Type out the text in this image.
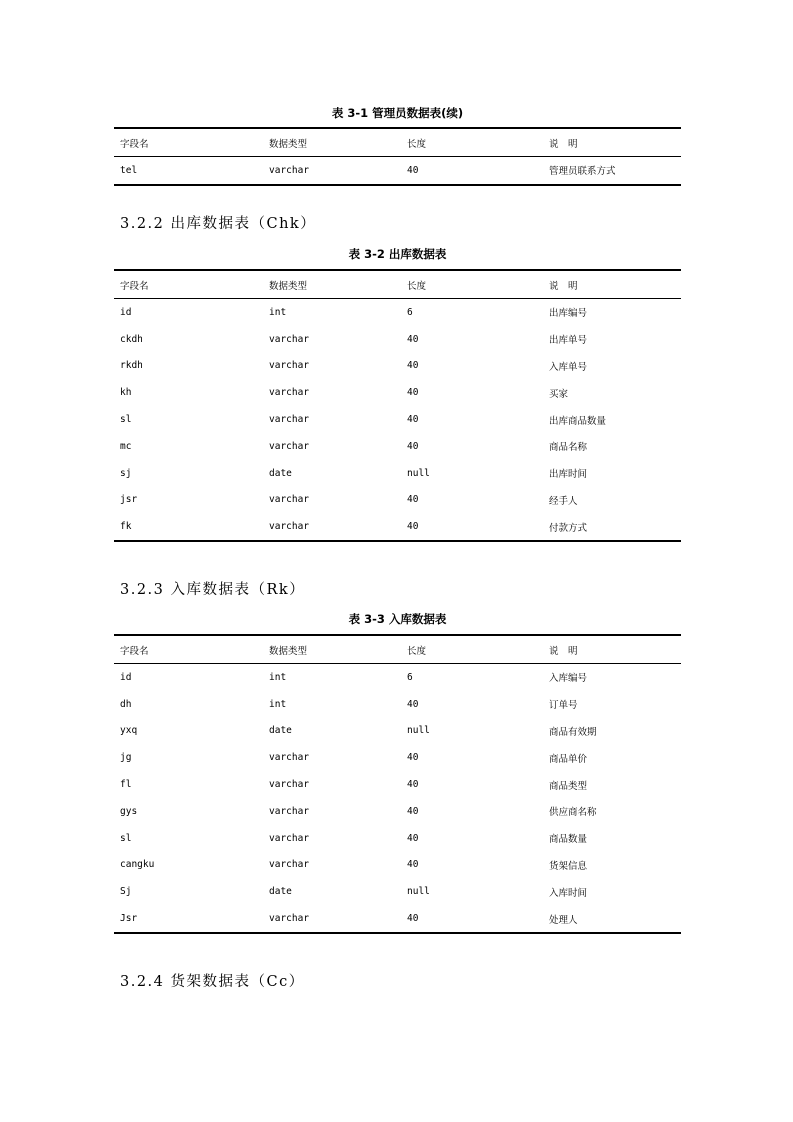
表 3-1 管理员数据表(续)
字段名	数据类型	长度	说　明
tel	varchar	40	管理员联系方式
3.2.2 出库数据表（Chk）
表 3-2 出库数据表
字段名	数据类型	长度	说　明
id	int	6	出库编号
ckdh	varchar	40	出库单号
rkdh	varchar	40	入库单号
kh	varchar	40	买家
sl	varchar	40	出库商品数量
mc	varchar	40	商品名称
sj	date	null	出库时间
jsr	varchar	40	经手人
fk	varchar	40	付款方式
3.2.3 入库数据表（Rk）
表 3-3 入库数据表
字段名	数据类型	长度	说　明
id	int	6	入库编号
dh	int	40	订单号
yxq	date	null	商品有效期
jg	varchar	40	商品单价
fl	varchar	40	商品类型
gys	varchar	40	供应商名称
sl	varchar	40	商品数量
cangku	varchar	40	货架信息
Sj	date	null	入库时间
Jsr	varchar	40	处理人
3.2.4 货架数据表（Cc）
